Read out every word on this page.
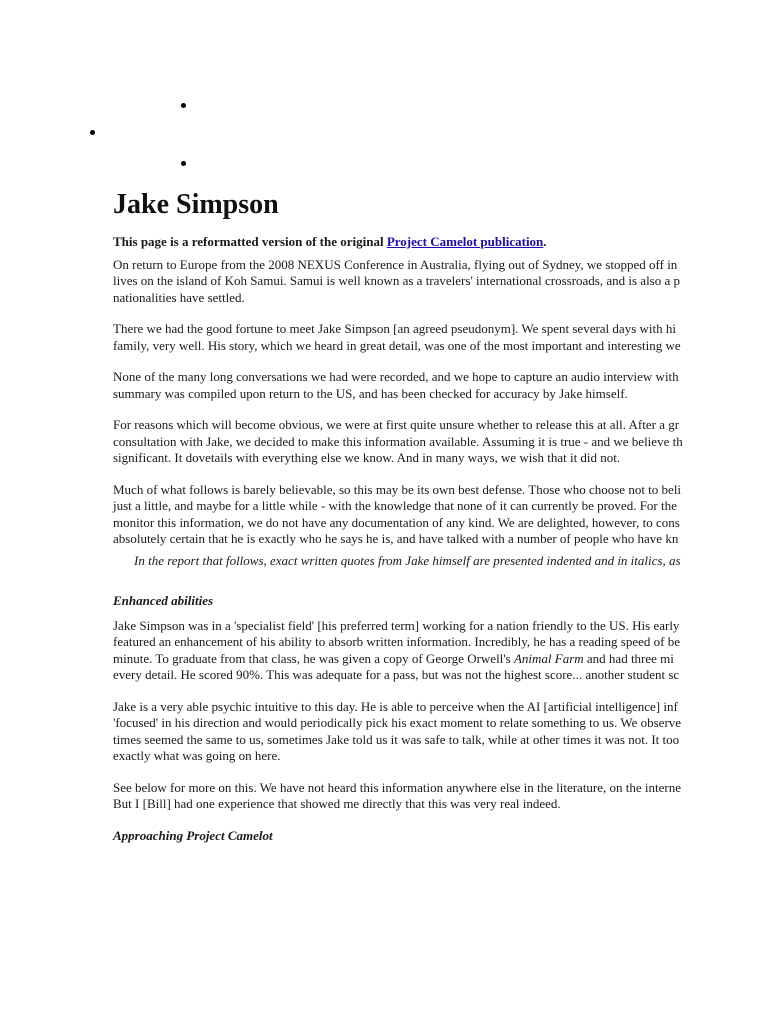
Jake Simpson
This page is a reformatted version of the original Project Camelot publication.

On return to Europe from the 2008 NEXUS Conference in Australia, flying out of Sydney, we stopped off in
lives on the island of Koh Samui. Samui is well known as a travelers' international crossroads, and is also a p
nationalities have settled.

There we had the good fortune to meet Jake Simpson [an agreed pseudonym]. We spent several days with hi
family, very well. His story, which we heard in great detail, was one of the most important and interesting we

None of the many long conversations we had were recorded, and we hope to capture an audio interview with
summary was compiled upon return to the US, and has been checked for accuracy by Jake himself.

For reasons which will become obvious, we were at first quite unsure whether to release this at all. After a gr
consultation with Jake, we decided to make this information available. Assuming it is true - and we believe th
significant. It dovetails with everything else we know. And in many ways, we wish that it did not.

Much of what follows is barely believable, so this may be its own best defense. Those who choose not to beli
just a little, and maybe for a little while - with the knowledge that none of it can currently be proved. For the
monitor this information, we do not have any documentation of any kind. We are delighted, however, to cons
absolutely certain that he is exactly who he says he is, and have talked with a number of people who have kn

In the report that follows, exact written quotes from Jake himself are presented indented and in italics, as
Enhanced abilities

Jake Simpson was in a 'specialist field' [his preferred term] working for a nation friendly to the US. His early
featured an enhancement of his ability to absorb written information. Incredibly, he has a reading speed of be
minute. To graduate from that class, he was given a copy of George Orwell's Animal Farm and had three mi
every detail. He scored 90%. This was adequate for a pass, but was not the highest score... another student sc

Jake is a very able psychic intuitive to this day. He is able to perceive when the AI [artificial intelligence] inf
'focused' in his direction and would periodically pick his exact moment to relate something to us. We observe
times seemed the same to us, sometimes Jake told us it was safe to talk, while at other times it was not. It too
exactly what was going on here.

See below for more on this. We have not heard this information anywhere else in the literature, on the interne
But I [Bill] had one experience that showed me directly that this was very real indeed.

Approaching Project Camelot
